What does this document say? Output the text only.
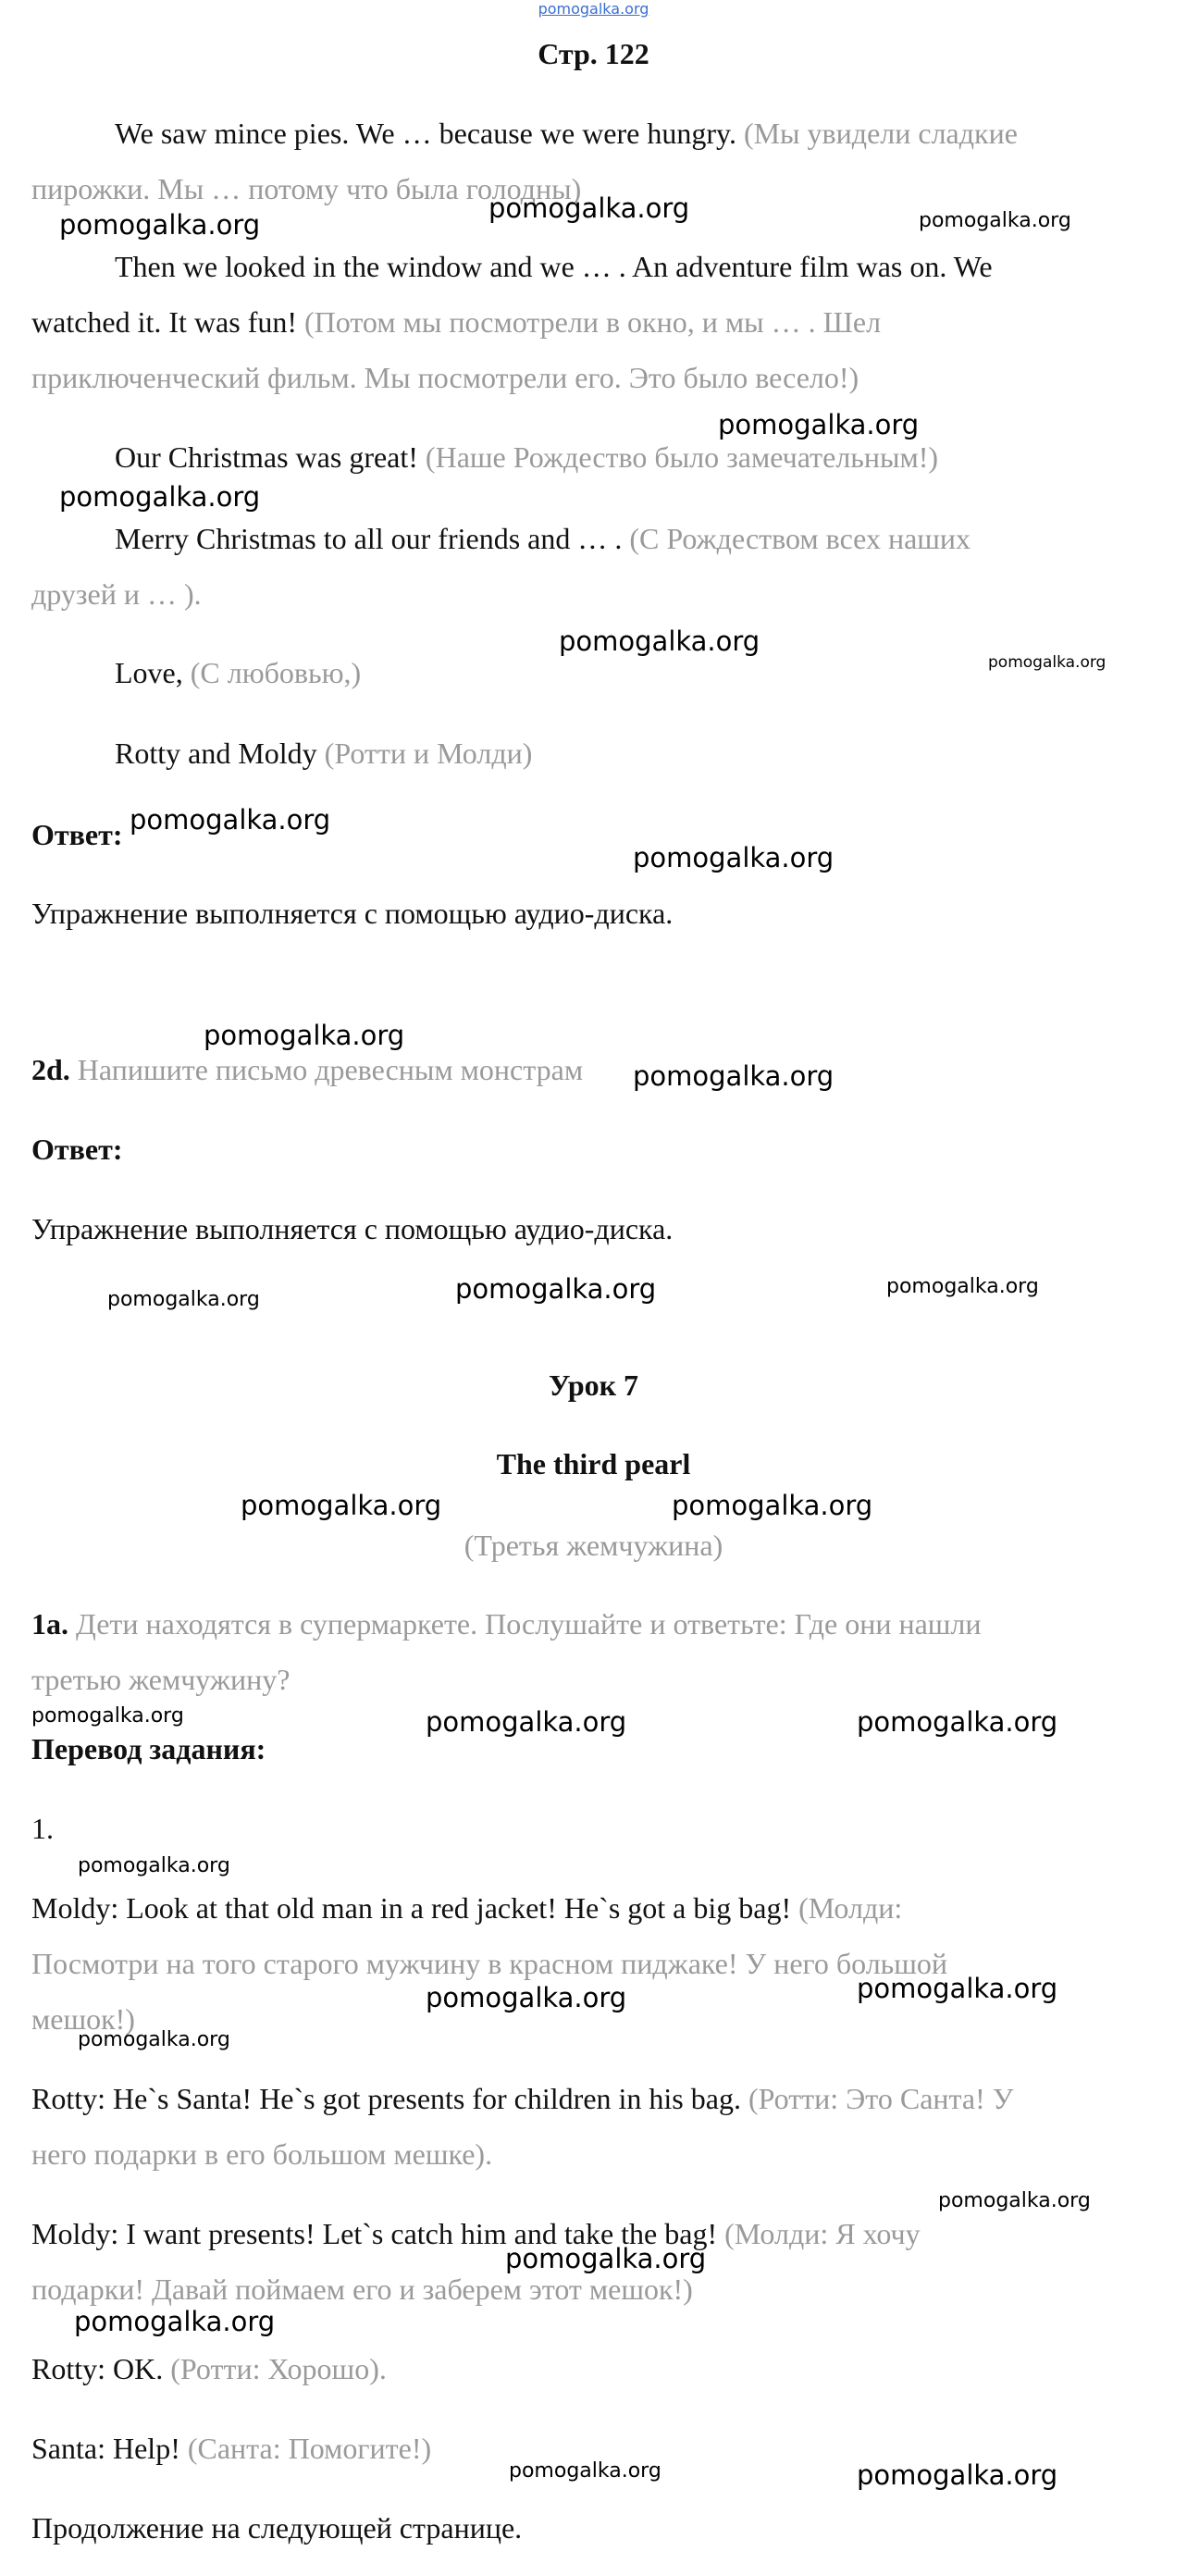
pomogalka.org
Стр. 122
We saw mince pies. We … because we were hungry. (Мы увидели сладкие
пирожки. Мы … потому что была голодны)
Then we looked in the window and we … . An adventure film was on. We
watched it. It was fun! (Потом мы посмотрели в окно, и мы … . Шел
приключенческий фильм. Мы посмотрели его. Это было весело!)
Our Christmas was great! (Наше Рождество было замечательным!)
Merry Christmas to all our friends and … . (С Рождеством всех наших
друзей и … ).
Love, (С любовью,)
Rotty and Moldy (Ротти и Молди)
Ответ:
Упражнение выполняется с помощью аудио-диска.
2d. Напишите письмо древесным монстрам
Ответ:
Упражнение выполняется с помощью аудио-диска.
Урок 7
The third pearl
(Третья жемчужина)
1a. Дети находятся в супермаркете. Послушайте и ответьте: Где они нашли
третью жемчужину?
Перевод задания:
1.
Moldy: Look at that old man in a red jacket! He`s got a big bag! (Молди:
Посмотри на того старого мужчину в красном пиджаке! У него большой
мешок!)
Rotty: He`s Santa! He`s got presents for children in his bag. (Ротти: Это Санта! У
него подарки в его большом мешке).
Moldy: I want presents! Let`s catch him and take the bag! (Молди: Я хочу
подарки! Давай поймаем его и заберем этот мешок!)
Rotty: OK. (Ротти: Хорошо).
Santa: Help! (Санта: Помогите!)
Продолжение на следующей странице.
pomogalka.org
pomogalka.org	pomogalka.org
pomogalka.org
pomogalka.org
pomogalka.org
pomogalka.org
pomogalka.org
pomogalka.org
pomogalka.org
pomogalka.org
pomogalka.org	pomogalka.org	pomogalka.org
pomogalka.org	pomogalka.org
pomogalka.org	pomogalka.org	pomogalka.org
pomogalka.org
pomogalka.org	pomogalka.org
pomogalka.org
pomogalka.org
pomogalka.org
pomogalka.org
pomogalka.org	pomogalka.org
